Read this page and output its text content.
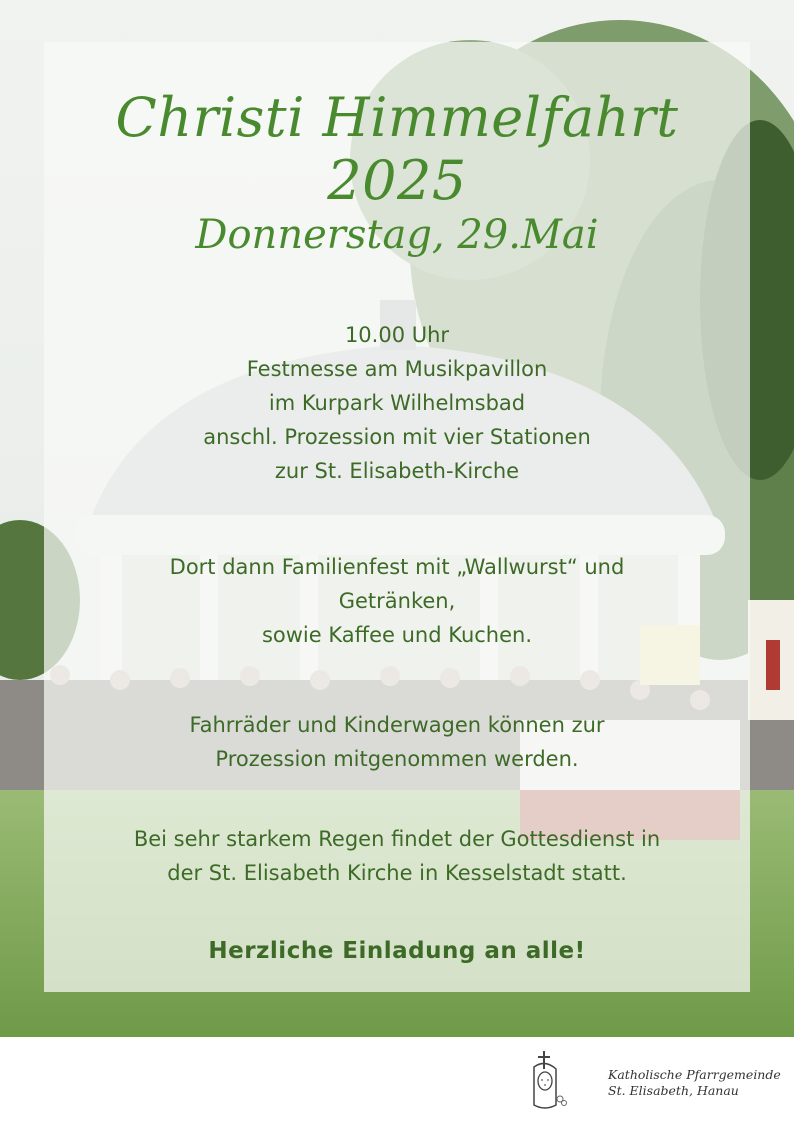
Christi Himmelfahrt 2025
Donnerstag, 29.Mai
10.00 Uhr
Festmesse am Musikpavillon
im Kurpark Wilhelmsbad
anschl. Prozession mit vier Stationen
zur St. Elisabeth-Kirche
Dort dann Familienfest mit „Wallwurst“ und
Getränken,
sowie Kaffee und Kuchen.
Fahrräder und Kinderwagen können zur
Prozession mitgenommen werden.
Bei sehr starkem Regen findet der Gottesdienst in
der St. Elisabeth Kirche in Kesselstadt statt.
Herzliche Einladung an alle!
Katholische Pfarrgemeinde
St. Elisabeth, Hanau
